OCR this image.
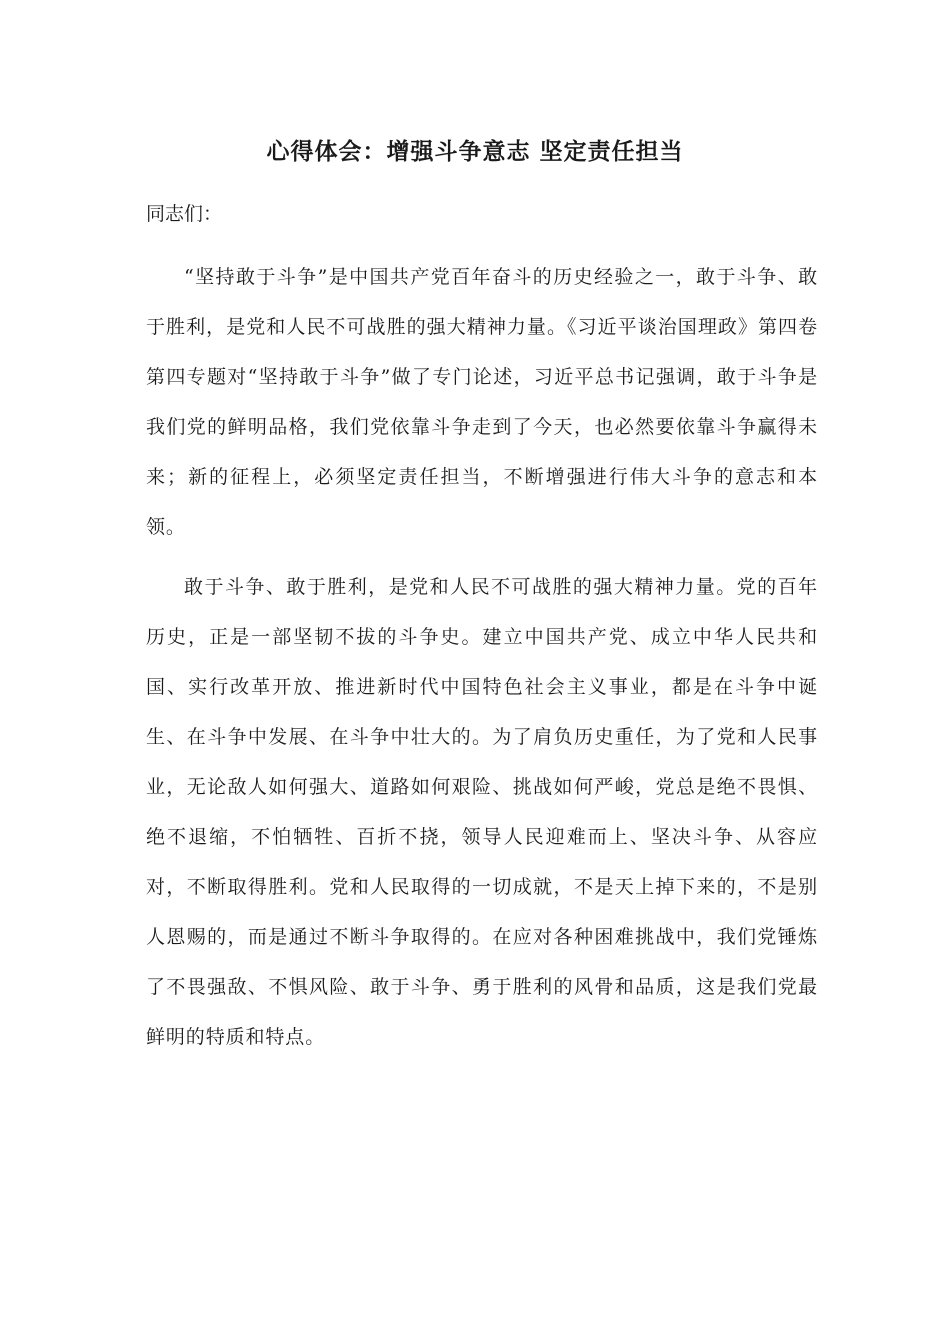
心得体会：增强斗争意志 坚定责任担当
同志们：

“坚持敢于斗争”是中国共产党百年奋斗的历史经验之一，敢于斗争、敢于胜利，是党和人民不可战胜的强大精神力量。《习近平谈治国理政》第四卷第四专题对“坚持敢于斗争”做了专门论述，习近平总书记强调，敢于斗争是我们党的鲜明品格，我们党依靠斗争走到了今天，也必然要依靠斗争赢得未来；新的征程上，必须坚定责任担当，不断增强进行伟大斗争的意志和本领。

敢于斗争、敢于胜利，是党和人民不可战胜的强大精神力量。党的百年历史，正是一部坚韧不拔的斗争史。建立中国共产党、成立中华人民共和国、实行改革开放、推进新时代中国特色社会主义事业，都是在斗争中诞生、在斗争中发展、在斗争中壮大的。为了肩负历史重任，为了党和人民事业，无论敌人如何强大、道路如何艰险、挑战如何严峻，党总是绝不畏惧、绝不退缩，不怕牺牲、百折不挠，领导人民迎难而上、坚决斗争、从容应对，不断取得胜利。党和人民取得的一切成就，不是天上掉下来的，不是别人恩赐的，而是通过不断斗争取得的。在应对各种困难挑战中，我们党锤炼了不畏强敌、不惧风险、敢于斗争、勇于胜利的风骨和品质，这是我们党最鲜明的特质和特点。
